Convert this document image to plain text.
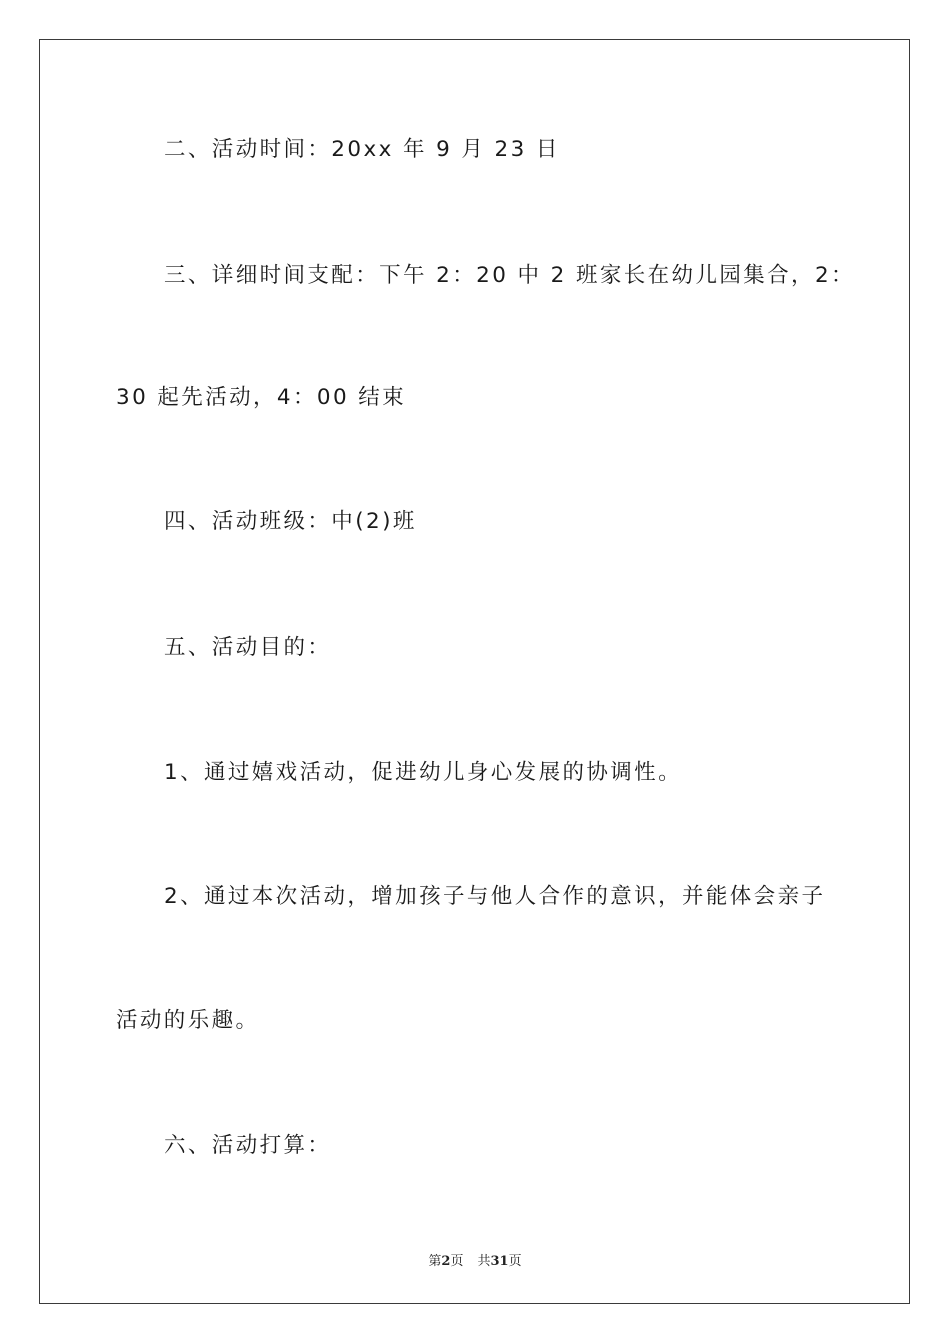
二、活动时间：20xx 年 9 月 23 日
三、详细时间支配：下午 2：20 中 2 班家长在幼儿园集合，2：
30 起先活动，4：00 结束
四、活动班级：中(2)班
五、活动目的：
1、通过嬉戏活动，促进幼儿身心发展的协调性。
2、通过本次活动，增加孩子与他人合作的意识，并能体会亲子
活动的乐趣。
六、活动打算：
第2页 共31页
